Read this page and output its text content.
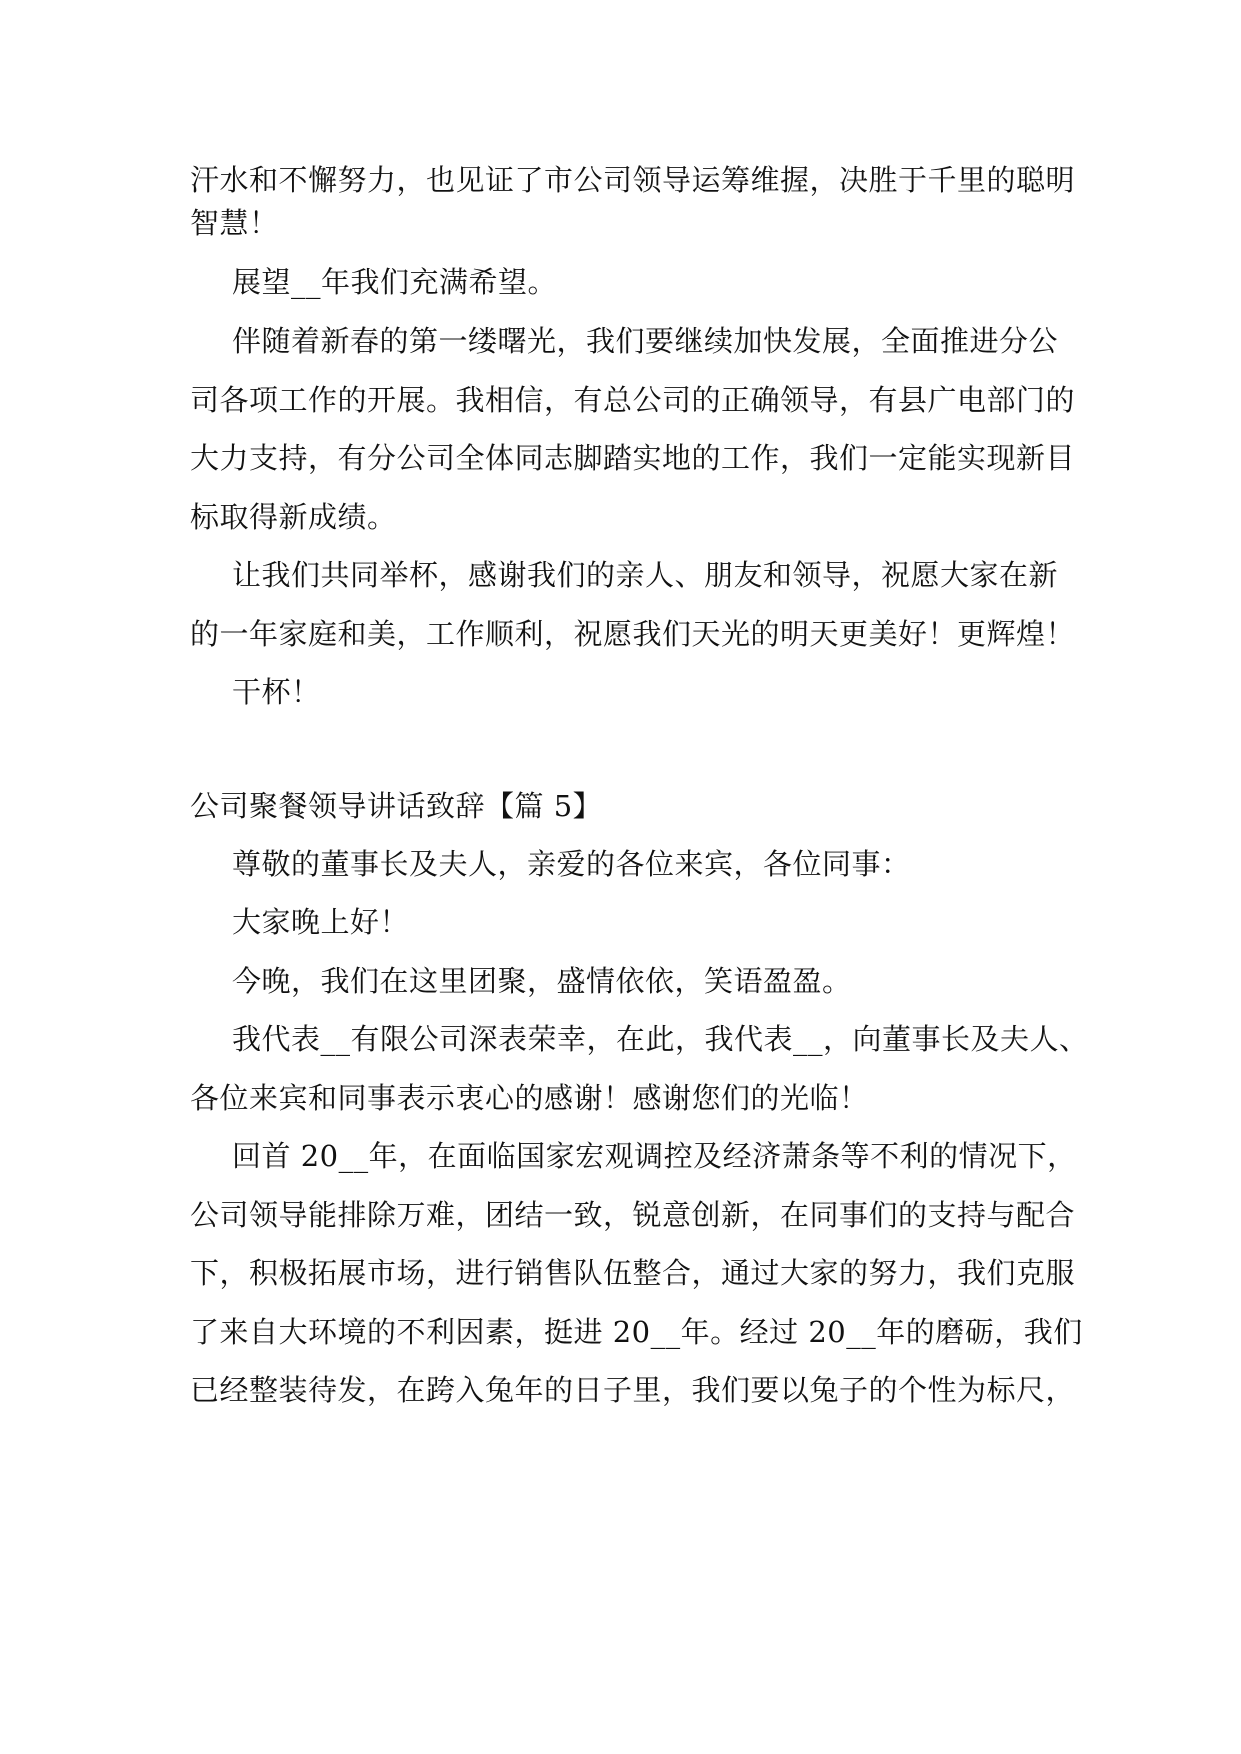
汗水和不懈努力，也见证了市公司领导运筹维握，决胜于千里的聪明
智慧！
展望__年我们充满希望。
伴随着新春的第一缕曙光，我们要继续加快发展，全面推进分公
司各项工作的开展。我相信，有总公司的正确领导，有县广电部门的
大力支持，有分公司全体同志脚踏实地的工作，我们一定能实现新目
标取得新成绩。
让我们共同举杯，感谢我们的亲人、朋友和领导，祝愿大家在新
的一年家庭和美，工作顺利，祝愿我们天光的明天更美好！更辉煌！
干杯！
公司聚餐领导讲话致辞【篇 5】
尊敬的董事长及夫人，亲爱的各位来宾，各位同事：
大家晚上好！
今晚，我们在这里团聚，盛情依依，笑语盈盈。
我代表__有限公司深表荣幸，在此，我代表__，向董事长及夫人、
各位来宾和同事表示衷心的感谢！感谢您们的光临！
回首 20__年，在面临国家宏观调控及经济萧条等不利的情况下，
公司领导能排除万难，团结一致，锐意创新，在同事们的支持与配合
下，积极拓展市场，进行销售队伍整合，通过大家的努力，我们克服
了来自大环境的不利因素，挺进 20__年。经过 20__年的磨砺，我们
已经整装待发，在跨入兔年的日子里，我们要以兔子的个性为标尺，
